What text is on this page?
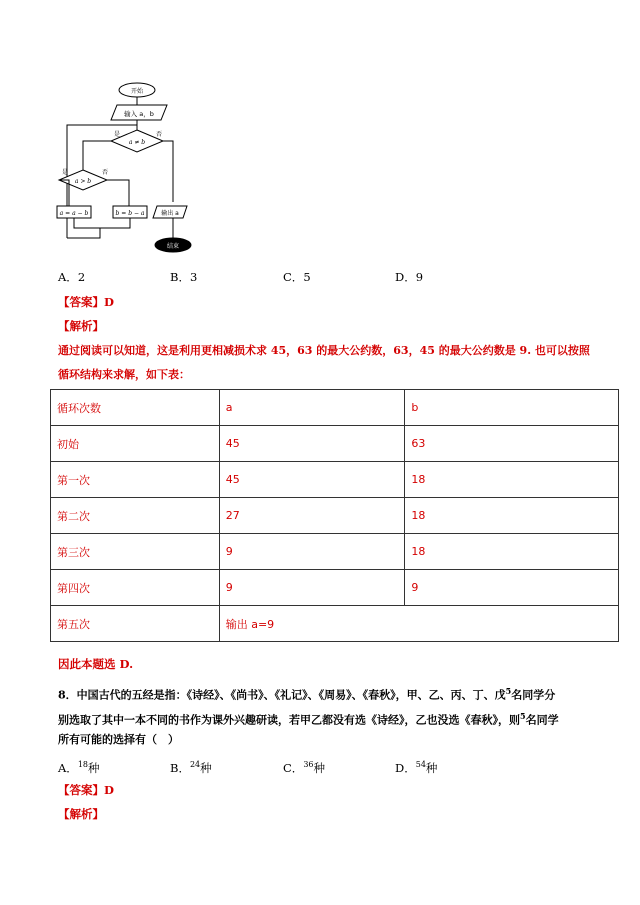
开始
输入 a，b
a ≠ b
是	否
a > b
是	否
a = a − b	b = b − a	输出 a
结束
A．2	B．3	C．5	D．9
【答案】D
【解析】
通过阅读可以知道，这是利用更相减损术求 45，63 的最大公约数，63，45 的最大公约数是 9. 也可以按照
循环结构来求解，如下表：
循环次数	a	b
初始	45	63
第一次	45	18
第二次	27	18
第三次	9	18
第四次	9	9
第五次	输出 a=9	
因此本题选 D.
8．中国古代的五经是指：《诗经》、《尚书》、《礼记》、《周易》、《春秋》，甲、乙、丙、丁、戊$^5$名同学分
别选取了其中一本不同的书作为课外兴趣研读，若甲乙都没有选《诗经》，乙也没选《春秋》，则$^5$名同学
所有可能的选择有（　）
A．$^{18}$种	B．$^{24}$种	C．$^{36}$种	D．$^{54}$种
【答案】D
【解析】
